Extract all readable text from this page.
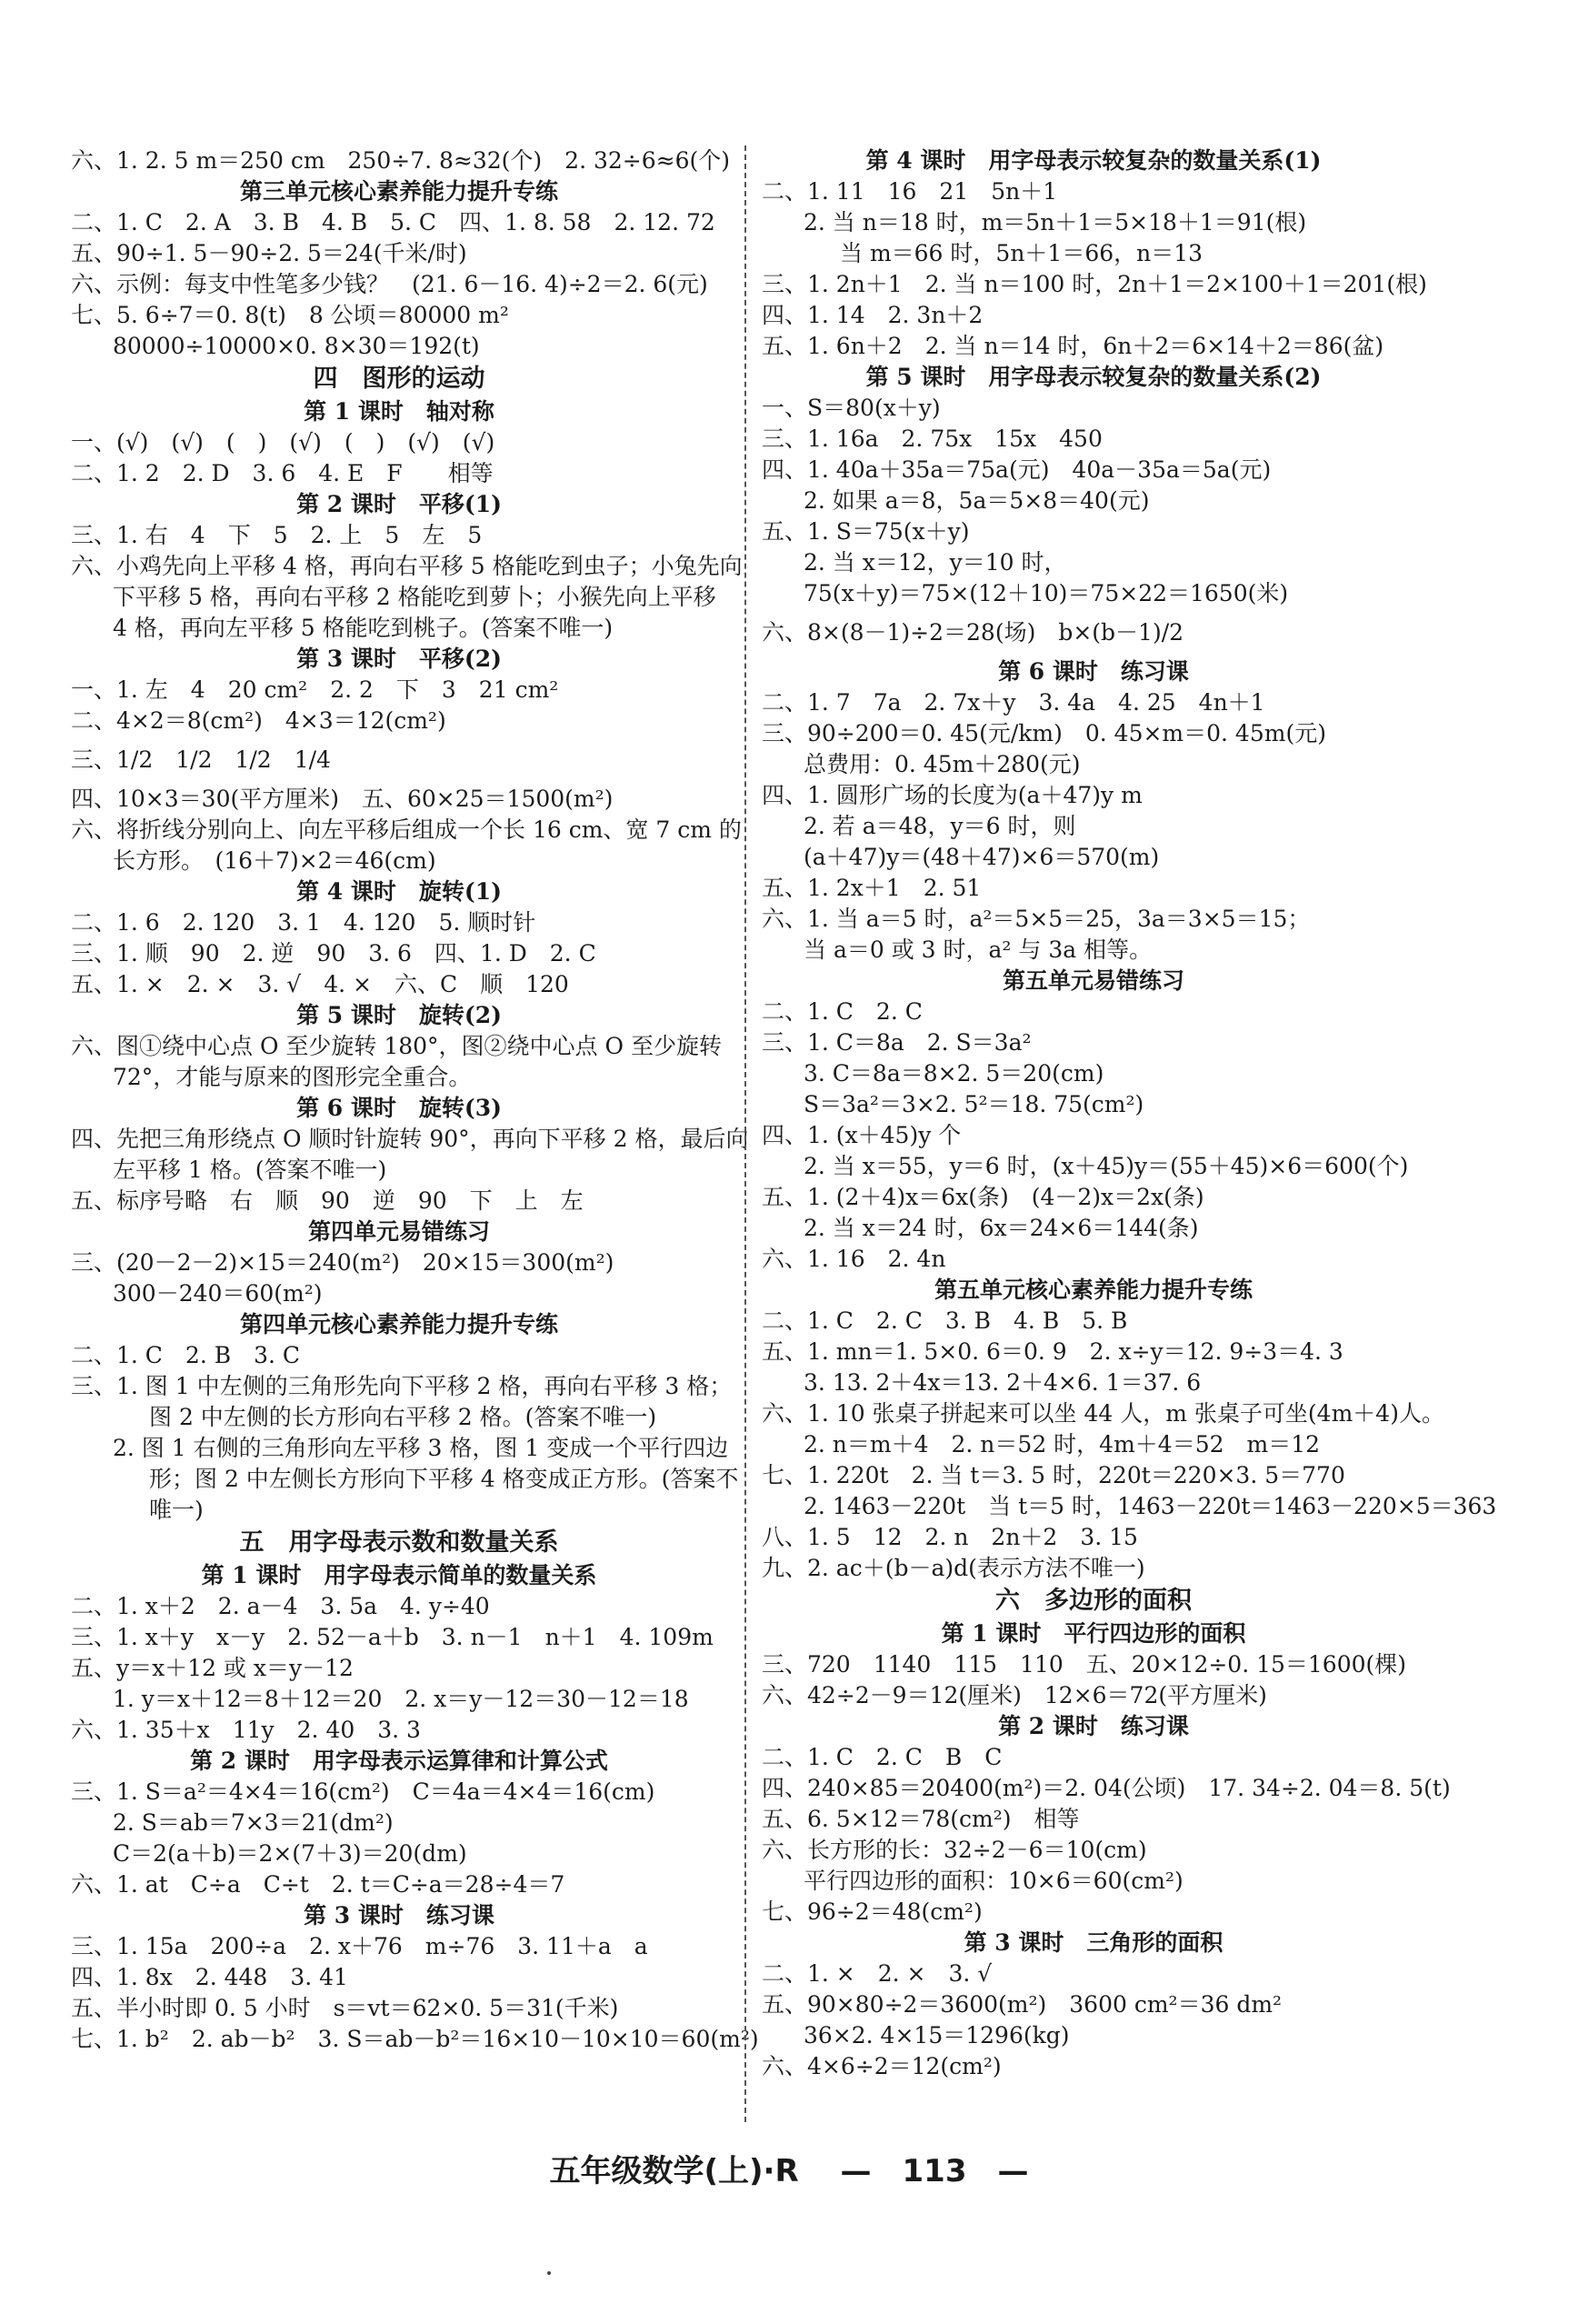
六、1. 2. 5 m＝250 cm　250÷7. 8≈32(个)　2. 32÷6≈6(个)
第三单元核心素养能力提升专练
二、1. C　2. A　3. B　4. B　5. C　四、1. 8. 58　2. 12. 72
五、90÷1. 5－90÷2. 5＝24(千米/时)
六、示例：每支中性笔多少钱？　(21. 6－16. 4)÷2＝2. 6(元)
七、5. 6÷7＝0. 8(t)　8 公顷＝80000 m²
80000÷10000×0. 8×30＝192(t)
四　图形的运动
第 1 课时　轴对称
一、(√)　(√)　(　)　(√)　(　)　(√)　(√)
二、1. 2　2. D　3. 6　4. E　F　　相等
第 2 课时　平移(1)
三、1. 右　4　下　5　2. 上　5　左　5
六、小鸡先向上平移 4 格，再向右平移 5 格能吃到虫子；小兔先向
下平移 5 格，再向右平移 2 格能吃到萝卜；小猴先向上平移
4 格，再向左平移 5 格能吃到桃子。(答案不唯一)
第 3 课时　平移(2)
一、1. 左　4　20 cm²　2. 2　下　3　21 cm²
二、4×2＝8(cm²)　4×3＝12(cm²)
三、1/2　1/2　1/2　1/4
四、10×3＝30(平方厘米)　五、60×25＝1500(m²)
六、将折线分别向上、向左平移后组成一个长 16 cm、宽 7 cm 的
长方形。　(16＋7)×2＝46(cm)
第 4 课时　旋转(1)
二、1. 6　2. 120　3. 1　4. 120　5. 顺时针
三、1. 顺　90　2. 逆　90　3. 6　四、1. D　2. C
五、1. ×　2. ×　3. √　4. ×　六、C　顺　120
第 5 课时　旋转(2)
六、图①绕中心点 O 至少旋转 180°，图②绕中心点 O 至少旋转
72°，才能与原来的图形完全重合。
第 6 课时　旋转(3)
四、先把三角形绕点 O 顺时针旋转 90°，再向下平移 2 格，最后向
左平移 1 格。(答案不唯一)
五、标序号略　右　顺　90　逆　90　下　上　左
第四单元易错练习
三、(20－2－2)×15＝240(m²)　20×15＝300(m²)
300－240＝60(m²)
第四单元核心素养能力提升专练
二、1. C　2. B　3. C
三、1. 图 1 中左侧的三角形先向下平移 2 格，再向右平移 3 格；
图 2 中左侧的长方形向右平移 2 格。(答案不唯一)
2. 图 1 右侧的三角形向左平移 3 格，图 1 变成一个平行四边
形；图 2 中左侧长方形向下平移 4 格变成正方形。(答案不
唯一)
五　用字母表示数和数量关系
第 1 课时　用字母表示简单的数量关系
二、1. x＋2　2. a－4　3. 5a　4. y÷40
三、1. x＋y　x－y　2. 52－a＋b　3. n－1　n＋1　4. 109m
五、y＝x＋12 或 x＝y－12
1. y＝x＋12＝8＋12＝20　2. x＝y－12＝30－12＝18
六、1. 35＋x　11y　2. 40　3. 3
第 2 课时　用字母表示运算律和计算公式
三、1. S＝a²＝4×4＝16(cm²)　C＝4a＝4×4＝16(cm)
2. S＝ab＝7×3＝21(dm²)
C＝2(a＋b)＝2×(7＋3)＝20(dm)
六、1. at　C÷a　C÷t　2. t＝C÷a＝28÷4＝7
第 3 课时　练习课
三、1. 15a　200÷a　2. x＋76　m÷76　3. 11＋a　a
四、1. 8x　2. 448　3. 41
五、半小时即 0. 5 小时　s＝vt＝62×0. 5＝31(千米)
七、1. b²　2. ab－b²　3. S＝ab－b²＝16×10－10×10＝60(m²)
第 4 课时　用字母表示较复杂的数量关系(1)
二、1. 11　16　21　5n＋1
2. 当 n＝18 时，m＝5n＋1＝5×18＋1＝91(根)
当 m＝66 时，5n＋1＝66，n＝13
三、1. 2n＋1　2. 当 n＝100 时，2n＋1＝2×100＋1＝201(根)
四、1. 14　2. 3n＋2
五、1. 6n＋2　2. 当 n＝14 时，6n＋2＝6×14＋2＝86(盆)
第 5 课时　用字母表示较复杂的数量关系(2)
一、S＝80(x＋y)
三、1. 16a　2. 75x　15x　450
四、1. 40a＋35a＝75a(元)　40a－35a＝5a(元)
2. 如果 a＝8，5a＝5×8＝40(元)
五、1. S＝75(x＋y)
2. 当 x＝12，y＝10 时，
75(x＋y)＝75×(12＋10)＝75×22＝1650(米)
六、8×(8－1)÷2＝28(场)　b×(b－1)/2
第 6 课时　练习课
二、1. 7　7a　2. 7x＋y　3. 4a　4. 25　4n＋1
三、90÷200＝0. 45(元/km)　0. 45×m＝0. 45m(元)
总费用：0. 45m＋280(元)
四、1. 圆形广场的长度为(a＋47)y m
2. 若 a＝48，y＝6 时，则
(a＋47)y＝(48＋47)×6＝570(m)
五、1. 2x＋1　2. 51
六、1. 当 a＝5 时，a²＝5×5＝25，3a＝3×5＝15；
当 a＝0 或 3 时，a² 与 3a 相等。
第五单元易错练习
二、1. C　2. C
三、1. C＝8a　2. S＝3a²
3. C＝8a＝8×2. 5＝20(cm)
S＝3a²＝3×2. 5²＝18. 75(cm²)
四、1. (x＋45)y 个
2. 当 x＝55，y＝6 时，(x＋45)y＝(55＋45)×6＝600(个)
五、1. (2＋4)x＝6x(条)　(4－2)x＝2x(条)
2. 当 x＝24 时，6x＝24×6＝144(条)
六、1. 16　2. 4n
第五单元核心素养能力提升专练
二、1. C　2. C　3. B　4. B　5. B
五、1. mn＝1. 5×0. 6＝0. 9　2. x÷y＝12. 9÷3＝4. 3
3. 13. 2＋4x＝13. 2＋4×6. 1＝37. 6
六、1. 10 张桌子拼起来可以坐 44 人，m 张桌子可坐(4m＋4)人。
2. n＝m＋4　2. n＝52 时，4m＋4＝52　m＝12
七、1. 220t　2. 当 t＝3. 5 时，220t＝220×3. 5＝770
2. 1463－220t　当 t＝5 时，1463－220t＝1463－220×5＝363
八、1. 5　12　2. n　2n＋2　3. 15
九、2. ac＋(b－a)d(表示方法不唯一)
六　多边形的面积
第 1 课时　平行四边形的面积
三、720　1140　115　110　五、20×12÷0. 15＝1600(棵)
六、42÷2－9＝12(厘米)　12×6＝72(平方厘米)
第 2 课时　练习课
二、1. C　2. C　B　C
四、240×85＝20400(m²)＝2. 04(公顷)　17. 34÷2. 04＝8. 5(t)
五、6. 5×12＝78(cm²)　相等
六、长方形的长：32÷2－6＝10(cm)
平行四边形的面积：10×6＝60(cm²)
七、96÷2＝48(cm²)
第 3 课时　三角形的面积
二、1. ×　2. ×　3. √
五、90×80÷2＝3600(m²)　3600 cm²＝36 dm²
36×2. 4×15＝1296(kg)
六、4×6÷2＝12(cm²)
五年级数学(上)·R —　113　—
